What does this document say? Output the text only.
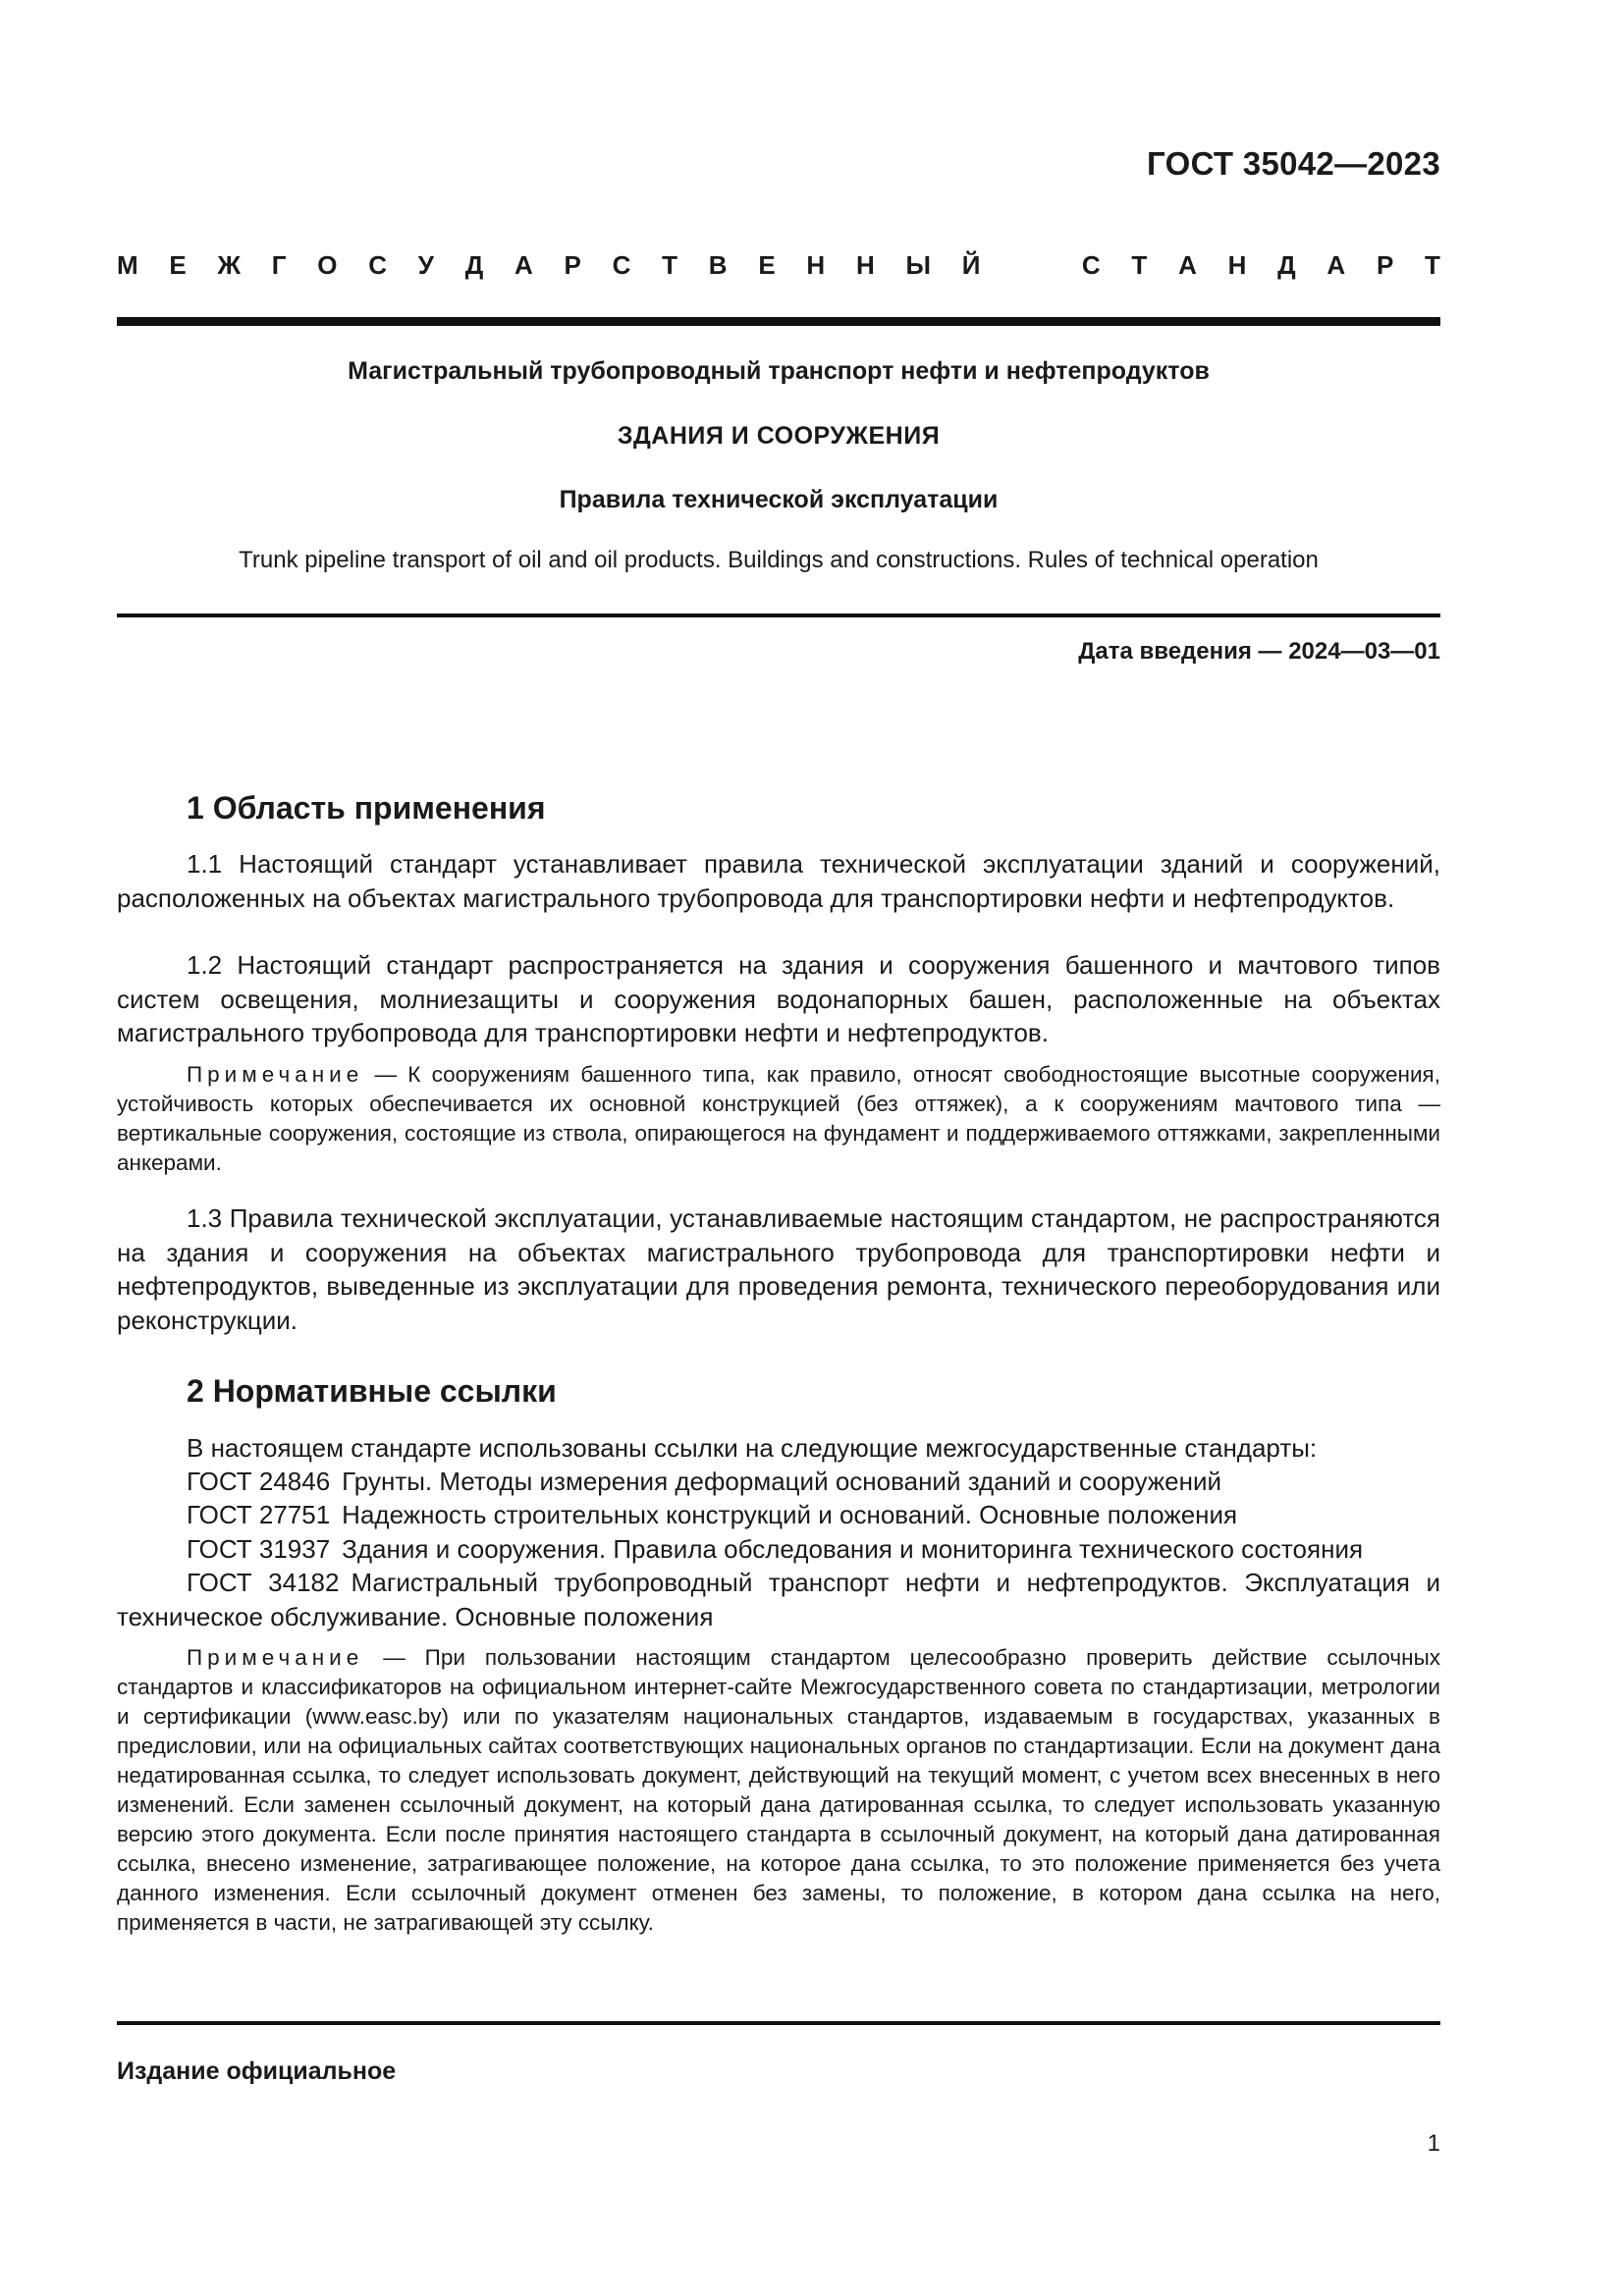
ГОСТ 35042—2023
М Е Ж Г О С У Д А Р С Т В Е Н Н Ы Й	С Т А Н Д А Р Т
Магистральный трубопроводный транспорт нефти и нефтепродуктов
ЗДАНИЯ И СООРУЖЕНИЯ
Правила технической эксплуатации
Trunk pipeline transport of oil and oil products. Buildings and constructions. Rules of technical operation
Дата введения — 2024—03—01
1 Область применения
1.1 Настоящий стандарт устанавливает правила технической эксплуатации зданий и сооружений, расположенных на объектах магистрального трубопровода для транспортировки нефти и нефтепродуктов.
1.2 Настоящий стандарт распространяется на здания и сооружения башенного и мачтового типов систем освещения, молниезащиты и сооружения водонапорных башен, расположенные на объектах магистрального трубопровода для транспортировки нефти и нефтепродуктов.
Примечание — К сооружениям башенного типа, как правило, относят свободностоящие высотные сооружения, устойчивость которых обеспечивается их основной конструкцией (без оттяжек), а к сооружениям мачтового типа — вертикальные сооружения, состоящие из ствола, опирающегося на фундамент и поддерживаемого оттяжками, закрепленными анкерами.
1.3 Правила технической эксплуатации, устанавливаемые настоящим стандартом, не распространяются на здания и сооружения на объектах магистрального трубопровода для транспортировки нефти и нефтепродуктов, выведенные из эксплуатации для проведения ремонта, технического переоборудования или реконструкции.
2 Нормативные ссылки
В настоящем стандарте использованы ссылки на следующие межгосударственные стандарты:
ГОСТ 24846 Грунты. Методы измерения деформаций оснований зданий и сооружений
ГОСТ 27751 Надежность строительных конструкций и оснований. Основные положения
ГОСТ 31937 Здания и сооружения. Правила обследования и мониторинга технического состояния
ГОСТ 34182 Магистральный трубопроводный транспорт нефти и нефтепродуктов. Эксплуатация и техническое обслуживание. Основные положения
Примечание — При пользовании настоящим стандартом целесообразно проверить действие ссылочных стандартов и классификаторов на официальном интернет-сайте Межгосударственного совета по стандартизации, метрологии и сертификации (www.easc.by) или по указателям национальных стандартов, издаваемым в государствах, указанных в предисловии, или на официальных сайтах соответствующих национальных органов по стандартизации. Если на документ дана недатированная ссылка, то следует использовать документ, действующий на текущий момент, с учетом всех внесенных в него изменений. Если заменен ссылочный документ, на который дана датированная ссылка, то следует использовать указанную версию этого документа. Если после принятия настоящего стандарта в ссылочный документ, на который дана датированная ссылка, внесено изменение, затрагивающее положение, на которое дана ссылка, то это положение применяется без учета данного изменения. Если ссылочный документ отменен без замены, то положение, в котором дана ссылка на него, применяется в части, не затрагивающей эту ссылку.
Издание официальное
1
